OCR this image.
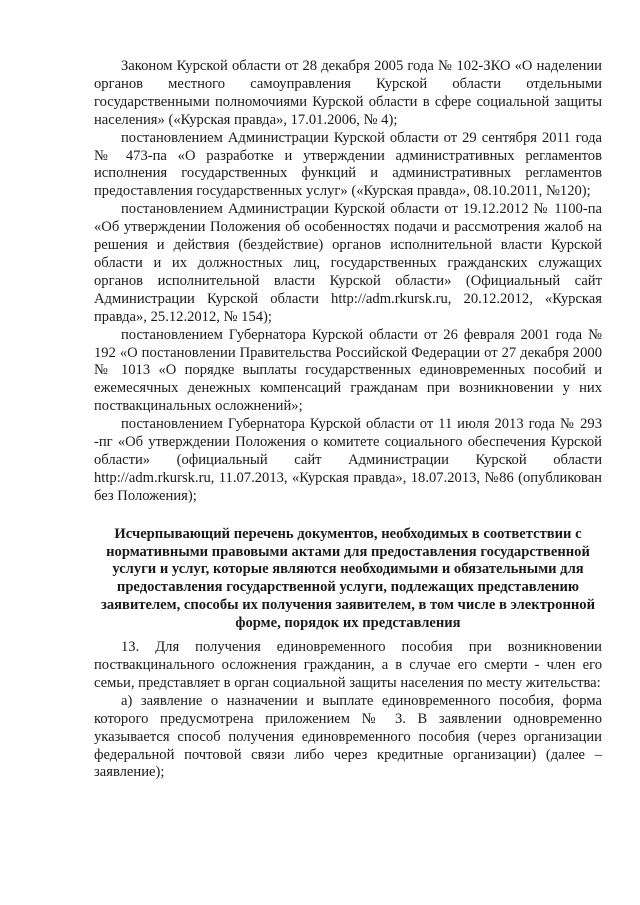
Законом Курской области от 28 декабря 2005 года № 102-ЗКО «О наделении органов местного самоуправления Курской области отдельными государственными полномочиями Курской области в сфере социальной защиты населения» («Курская правда», 17.01.2006, № 4);

постановлением Администрации Курской области от 29 сентября 2011 года № 473-па «О разработке и утверждении административных регламентов исполнения государственных функций и административных регламентов предоставления государственных услуг» («Курская правда», 08.10.2011, №120);

постановлением Администрации Курской области от 19.12.2012 № 1100-па «Об утверждении Положения об особенностях подачи и рассмотрения жалоб на решения и действия (бездействие) органов исполнительной власти Курской области и их должностных лиц, государственных гражданских служащих органов исполнительной власти Курской области» (Официальный сайт Администрации Курской области http://adm.rkursk.ru, 20.12.2012, «Курская правда», 25.12.2012, № 154);

постановлением Губернатора Курской области от 26 февраля 2001 года № 192 «О постановлении Правительства Российской Федерации от 27 декабря 2000 № 1013 «О порядке выплаты государственных единовременных пособий и ежемесячных денежных компенсаций гражданам при возникновении у них поствакцинальных осложнений»;

постановлением Губернатора Курской области от 11 июля 2013 года № 293 -пг «Об утверждении Положения о комитете социального обеспечения Курской области» (официальный сайт Администрации Курской области http://adm.rkursk.ru, 11.07.2013, «Курская правда», 18.07.2013, №86 (опубликован без Положения);

Исчерпывающий перечень документов, необходимых в соответствии с нормативными правовыми актами для предоставления государственной услуги и услуг, которые являются необходимыми и обязательными для предоставления государственной услуги, подлежащих представлению заявителем, способы их получения заявителем, в том числе в электронной форме, порядок их представления

13. Для получения единовременного пособия при возникновении поствакцинального осложнения гражданин, а в случае его смерти - член его семьи, представляет в орган социальной защиты населения по месту жительства:

а) заявление о назначении и выплате единовременного пособия, форма которого предусмотрена приложением № 3. В заявлении одновременно указывается способ получения единовременного пособия (через организации федеральной почтовой связи либо через кредитные организации) (далее – заявление);
